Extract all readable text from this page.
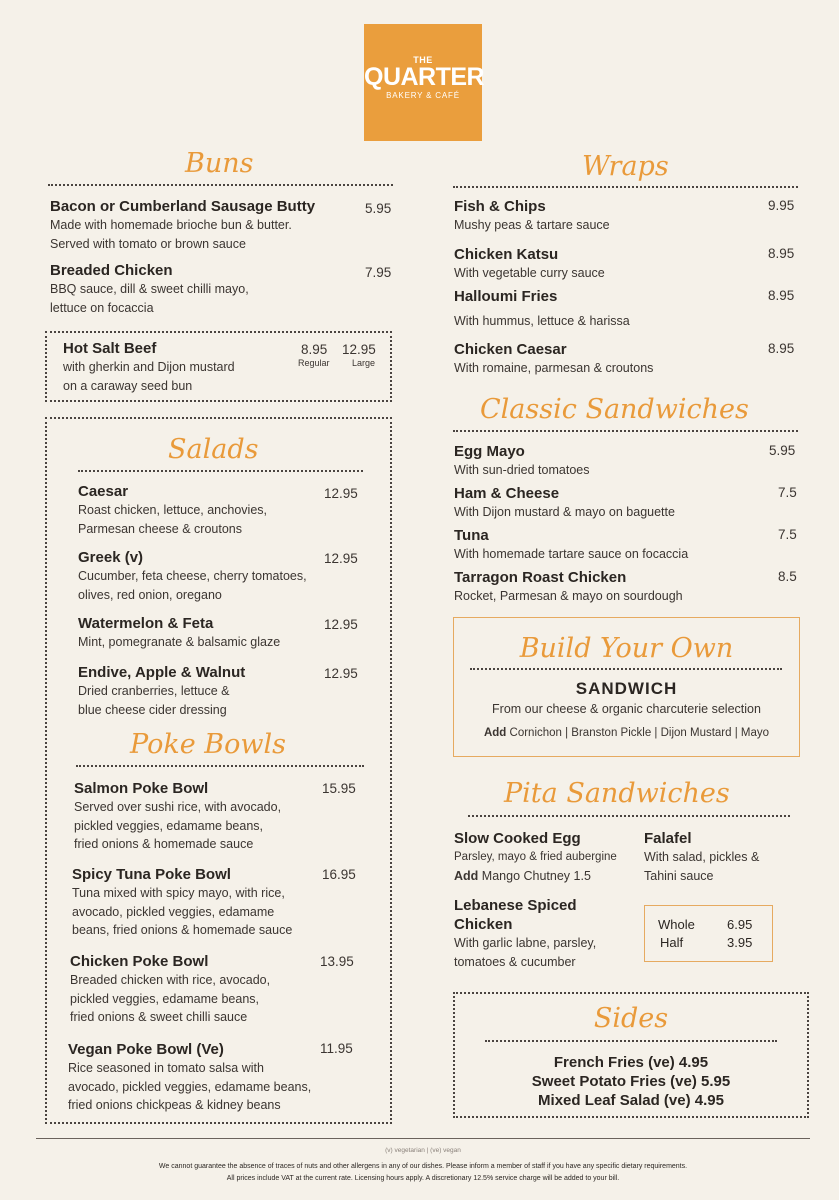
THE
QUARTER
BAKERY & CAFÉ
Buns
Bacon or Cumberland Sausage Butty
Made with homemade brioche bun & butter.
Served with tomato or brown sauce
5.95
Breaded Chicken
BBQ sauce, dill & sweet chilli mayo,
lettuce on focaccia
7.95
Hot Salt Beef
with gherkin and Dijon mustard
on a caraway seed bun
8.95 12.95
Regular Large
Salads
Caesar
Roast chicken, lettuce, anchovies,
Parmesan cheese & croutons
12.95
Greek (v)
Cucumber, feta cheese, cherry tomatoes,
olives, red onion, oregano
12.95
Watermelon & Feta
Mint, pomegranate & balsamic glaze
12.95
Endive, Apple & Walnut
Dried cranberries, lettuce &
blue cheese cider dressing
12.95
Poke Bowls
Salmon Poke Bowl
Served over sushi rice, with avocado,
pickled veggies, edamame beans,
fried onions & homemade sauce
15.95
Spicy Tuna Poke Bowl
Tuna mixed with spicy mayo, with rice,
avocado, pickled veggies, edamame
beans, fried onions & homemade sauce
16.95
Chicken Poke Bowl
Breaded chicken with rice, avocado,
pickled veggies, edamame beans,
fried onions & sweet chilli sauce
13.95
Vegan Poke Bowl (Ve)
Rice seasoned in tomato salsa with
avocado, pickled veggies, edamame beans,
fried onions chickpeas & kidney beans
11.95
Wraps
Fish & Chips
Mushy peas & tartare sauce
9.95
Chicken Katsu
With vegetable curry sauce
8.95
Halloumi Fries
With hummus, lettuce & harissa
8.95
Chicken Caesar
With romaine, parmesan & croutons
8.95
Classic Sandwiches
Egg Mayo
With sun-dried tomatoes
5.95
Ham & Cheese
With Dijon mustard & mayo on baguette
7.5
Tuna
With homemade tartare sauce on focaccia
7.5
Tarragon Roast Chicken
Rocket, Parmesan & mayo on sourdough
8.5
Build Your Own
SANDWICH
From our cheese & organic charcuterie selection
Add Cornichon | Branston Pickle | Dijon Mustard | Mayo
Pita Sandwiches
Slow Cooked Egg
Parsley, mayo & fried aubergine
Add Mango Chutney 1.5
Falafel
With salad, pickles &
Tahini sauce
Lebanese Spiced
Chicken
With garlic labne, parsley,
tomatoes & cucumber
Whole 6.95
Half	3.95
Sides
French Fries (ve) 4.95
Sweet Potato Fries (ve) 5.95
Mixed Leaf Salad (ve) 4.95
(v) vegetarian | (ve) vegan
We cannot guarantee the absence of traces of nuts and other allergens in any of our dishes. Please inform a member of staff if you have any specific dietary requirements.
All prices include VAT at the current rate. Licensing hours apply. A discretionary 12.5% service charge will be added to your bill.
